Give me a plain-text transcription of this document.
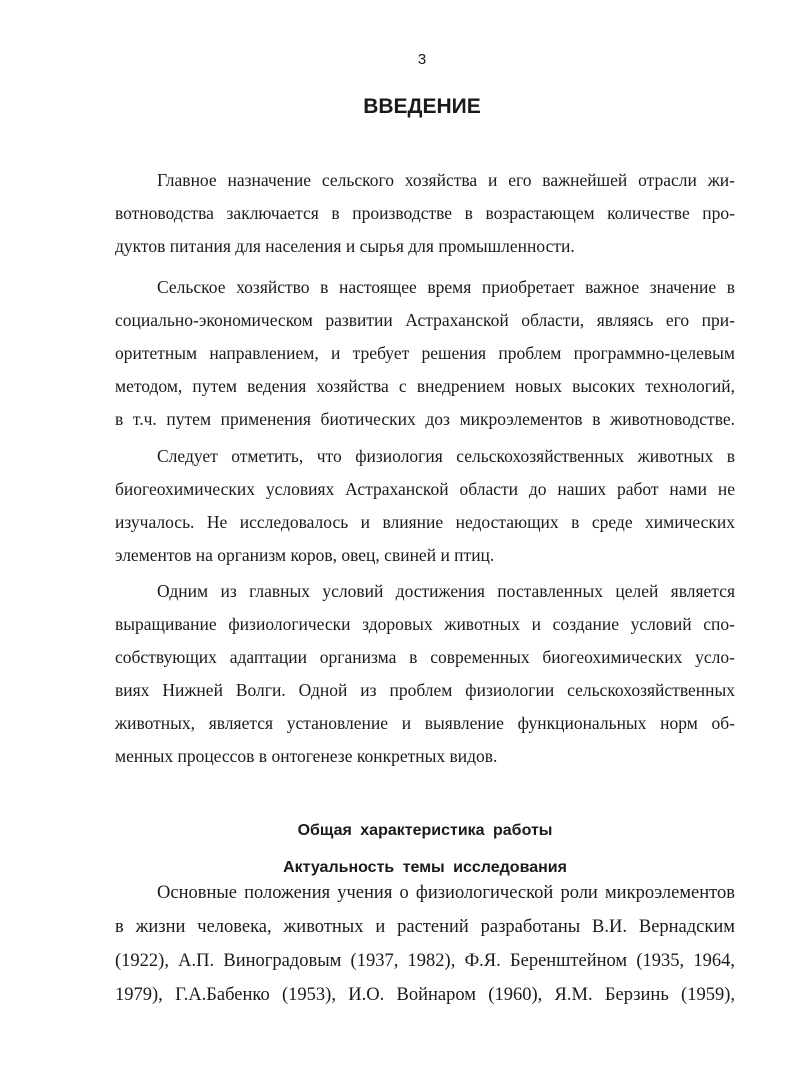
3
ВВЕДЕНИЕ
Главное назначение сельского хозяйства и его важнейшей отрасли жи-
вотноводства заключается в производстве в возрастающем количестве про-
дуктов питания для населения и сырья для промышленности.
Сельское хозяйство в настоящее время приобретает важное значение в
социально-экономическом развитии Астраханской области, являясь его при-
оритетным направлением, и требует решения проблем программно-целевым
методом, путем ведения хозяйства с внедрением новых высоких технологий,
в т.ч. путем применения биотических доз микроэлементов в животноводстве.
Следует отметить, что физиология сельскохозяйственных животных в
биогеохимических условиях Астраханской области до наших работ нами не
изучалось. Не исследовалось и влияние недостающих в среде химических
элементов на организм коров, овец, свиней и птиц.
Одним из главных условий достижения поставленных целей является
выращивание физиологически здоровых животных и создание условий спо-
собствующих адаптации организма в современных биогеохимических усло-
виях Нижней Волги. Одной из проблем физиологии сельскохозяйственных
животных, является установление и выявление функциональных норм об-
менных процессов в онтогенезе конкретных видов.
Общая характеристика работы
Актуальность темы исследования
Основные положения учения о физиологической роли микроэлементов
в жизни человека, животных и растений разработаны В.И. Вернадским
(1922), А.П. Виноградовым (1937, 1982), Ф.Я. Беренштейном (1935, 1964,
1979), Г.А.Бабенко (1953), И.О. Войнаром (1960), Я.М. Берзинь (1959),
